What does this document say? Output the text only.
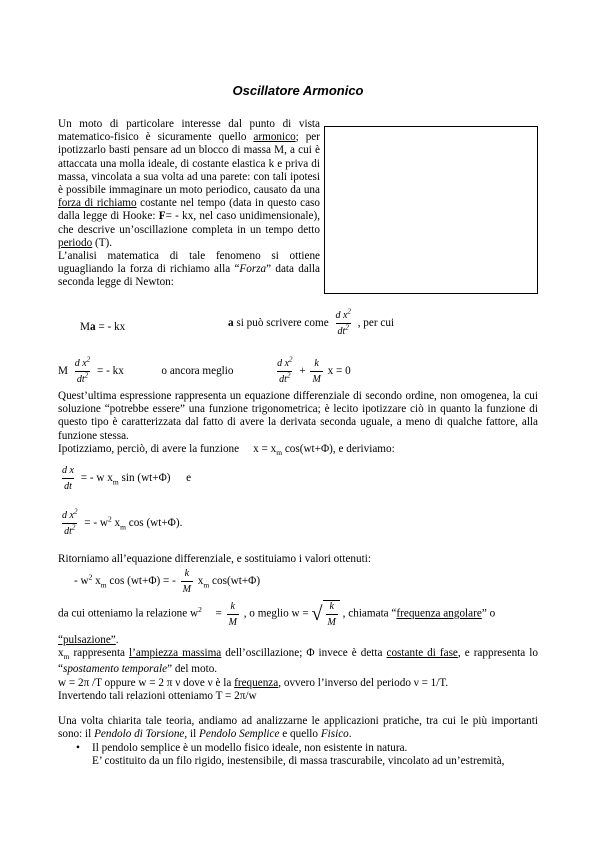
Oscillatore Armonico

Un moto di particolare interesse dal punto di vista matematico-fisico è sicuramente quello armonico; per ipotizzarlo basti pensare ad un blocco di massa M, a cui è attaccata una molla ideale, di costante elastica k e priva di massa, vincolata a sua volta ad una parete: con tali ipotesi è possibile immaginare un moto periodico, causato da una forza di richiamo costante nel tempo (data in questo caso dalla legge di Hooke: F= - kx, nel caso unidimensionale), che descrive un’oscillazione completa in un tempo detto periodo (T).

L’analisi matematica di tale fenomeno si ottiene uguagliando la forza di richiamo alla “Forza” data dalla seconda legge di Newton:

Ma = - kx	a si può scrivere come $\frac{d x^2}{dt^2}$ , per cui
M $\frac{d x^2}{dt^2}$ = - kx	o ancora meglio	$\frac{d x^2}{dt^2} + \frac{k}{M}$ x = 0

Quest’ultima espressione rappresenta un equazione differenziale di secondo ordine, non omogenea, la cui soluzione “potrebbe essere” una funzione trigonometrica; è lecito ipotizzare ciò in quanto la funzione di questo tipo è caratterizzata dal fatto di avere la derivata seconda uguale, a meno di qualche fattore, alla funzione stessa.

Ipotizziamo, perciò, di avere la funzione $x = x_m$ cos(wt+Φ), e deriviamo:

$\frac{\text{d x}}{dt}$ = - w $x_m$ sin (wt+Φ) e
$\frac{d x^2}{dt^2}$ = - $w^2$ $x_m$ cos (wt+Φ).
Ritorniamo all’equazione differenziale, e sostituiamo i valori ottenuti:
- $w^2$ $x_m$ cos (wt+Φ) = - $\frac{k}{M} x_m$ cos(wt+Φ)
da cui otteniamo la relazione $w^2 = \frac{k}{M}$ , o meglio w = √ $\frac{k}{M}$ , chiamata “frequenza angolare” o
“pulsazione”.

$x_m$ rappresenta l’ampiezza massima dell’oscillazione; Φ invece è detta costante di fase, e rappresenta lo “spostamento temporale” del moto.

w = 2π /T oppure w = 2 π ν dove ν è la frequenza, ovvero l’inverso del periodo ν = 1/T.

Invertendo tali relazioni otteniamo T = 2π/w

Una volta chiarita tale teoria, andiamo ad analizzarne le applicazioni pratiche, tra cui le più importanti sono: il Pendolo di Torsione, il Pendolo Semplice e quello Fisico.

• Il pendolo semplice è un modello fisico ideale, non esistente in natura.
E’ costituito da un filo rigido, inestensibile, di massa trascurabile, vincolato ad un’estremità,
